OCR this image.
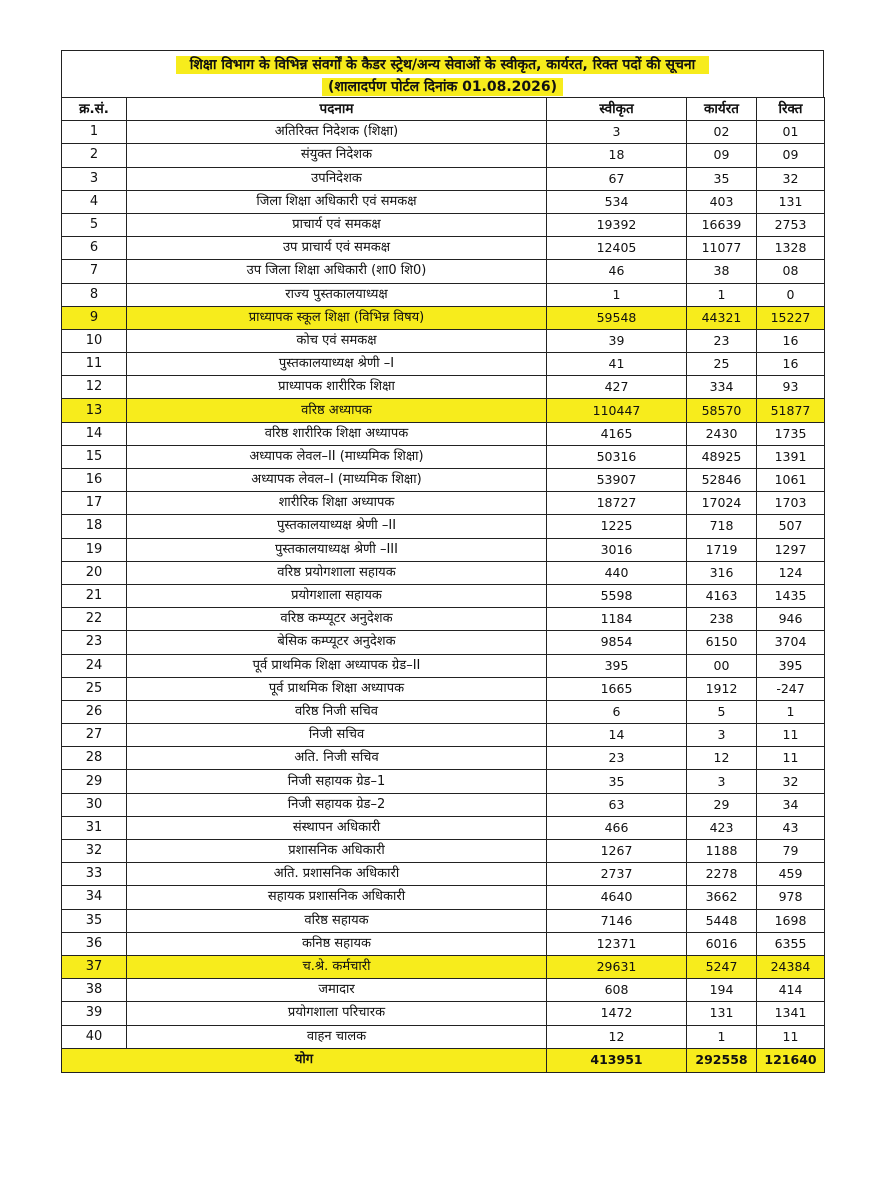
शिक्षा विभाग के विभिन्न संवर्गों के कैडर स्ट्रेथ/अन्य सेवाओं के स्वीकृत, कार्यरत, रिक्त पदों की सूचना
(शालादर्पण पोर्टल दिनांक 01.08.2026)
क्र.सं.	पदनाम	स्वीकृत	कार्यरत	रिक्त
1	अतिरिक्त निदेशक (शिक्षा)	3	02	01
2	संयुक्त निदेशक	18	09	09
3	उपनिदेशक	67	35	32
4	जिला शिक्षा अधिकारी एवं समकक्ष	534	403	131
5	प्राचार्य एवं समकक्ष	19392	16639	2753
6	उप प्राचार्य एवं समकक्ष	12405	11077	1328
7	उप जिला शिक्षा अधिकारी (शा0 शि0)	46	38	08
8	राज्य पुस्तकालयाध्यक्ष	1	1	0
9	प्राध्यापक स्कूल शिक्षा (विभिन्न विषय)	59548	44321	15227
10	कोच एवं समकक्ष	39	23	16
11	पुस्तकालयाध्यक्ष श्रेणी –I	41	25	16
12	प्राध्यापक शारीरिक शिक्षा	427	334	93
13	वरिष्ठ अध्यापक	110447	58570	51877
14	वरिष्ठ शारीरिक शिक्षा अध्यापक	4165	2430	1735
15	अध्यापक लेवल–II (माध्यमिक शिक्षा)	50316	48925	1391
16	अध्यापक लेवल–I (माध्यमिक शिक्षा)	53907	52846	1061
17	शारीरिक शिक्षा अध्यापक	18727	17024	1703
18	पुस्तकालयाध्यक्ष श्रेणी –II	1225	718	507
19	पुस्तकालयाध्यक्ष श्रेणी –III	3016	1719	1297
20	वरिष्ठ प्रयोगशाला सहायक	440	316	124
21	प्रयोगशाला सहायक	5598	4163	1435
22	वरिष्ठ कम्प्यूटर अनुदेशक	1184	238	946
23	बेसिक कम्प्यूटर अनुदेशक	9854	6150	3704
24	पूर्व प्राथमिक शिक्षा अध्यापक ग्रेड–II	395	00	395
25	पूर्व प्राथमिक शिक्षा अध्यापक	1665	1912	-247
26	वरिष्ठ निजी सचिव	6	5	1
27	निजी सचिव	14	3	11
28	अति. निजी सचिव	23	12	11
29	निजी सहायक ग्रेड–1	35	3	32
30	निजी सहायक ग्रेड–2	63	29	34
31	संस्थापन अधिकारी	466	423	43
32	प्रशासनिक अधिकारी	1267	1188	79
33	अति. प्रशासनिक अधिकारी	2737	2278	459
34	सहायक प्रशासनिक अधिकारी	4640	3662	978
35	वरिष्ठ सहायक	7146	5448	1698
36	कनिष्ठ सहायक	12371	6016	6355
37	च.श्रे. कर्मचारी	29631	5247	24384
38	जमादार	608	194	414
39	प्रयोगशाला परिचारक	1472	131	1341
40	वाहन चालक	12	1	11
योग		413951	292558	121640
